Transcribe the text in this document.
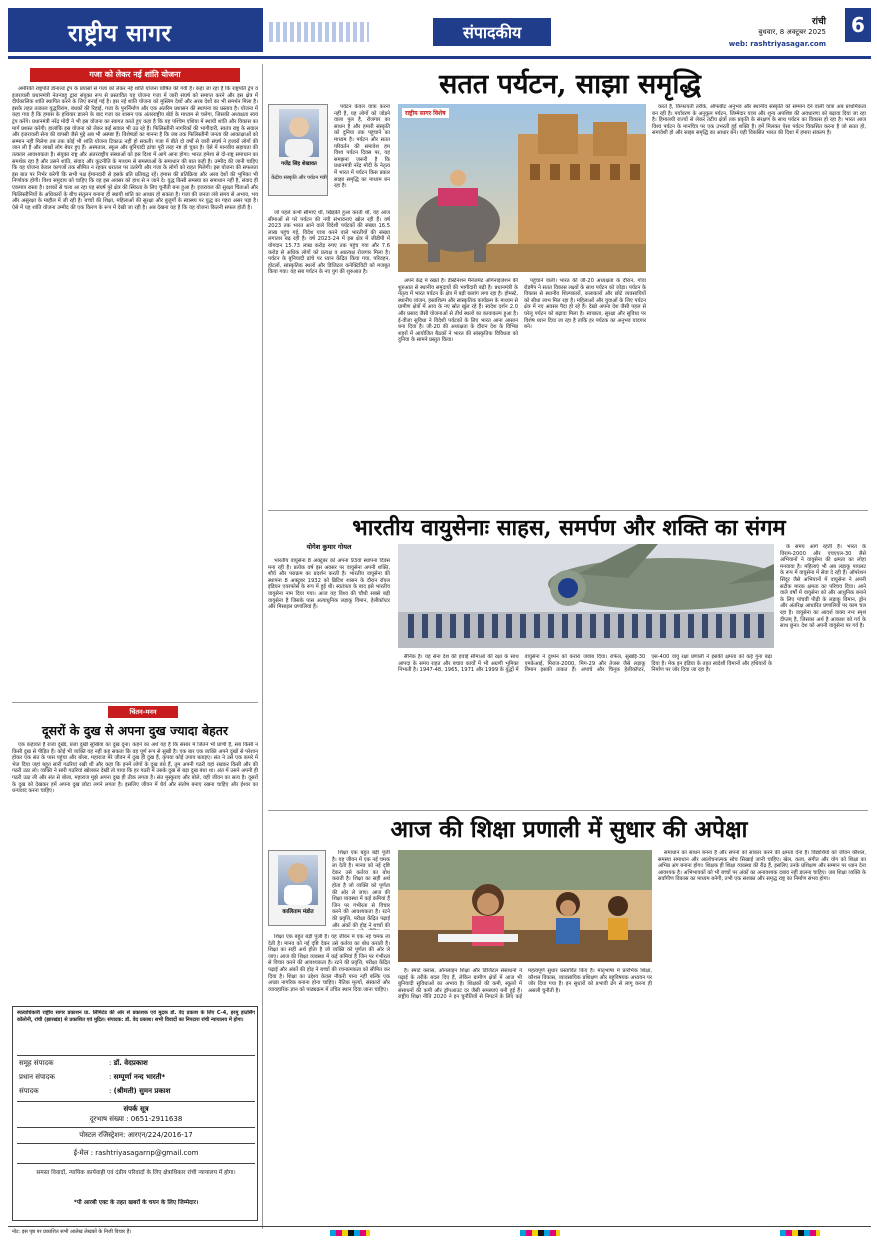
राष्ट्रीय सागर	संपादकीय
रांची
बुधवार, 8 अक्टूबर 2025
web: rashtriyasagar.com
6
गजा को लेकर नई शांति योजना

अमेरिकी राष्ट्रपति डोनाल्ड ट्रंप के प्रयासों से गजा को लेकर नई शांति योजना घोषित की गयी है। कहा जा रहा है कि राष्ट्रपति ट्रंप व इजरायली प्रधानमंत्री नेतन्याहू द्वारा संयुक्त रूप से प्रस्तावित यह योजना गजा में जारी संघर्ष को समाप्त करने और इस क्षेत्र में दीर्घकालिक शांति स्थापित करने के लिए बनाई गई है। इस नई शांति योजना को मुस्लिम देशों और अरब देशों का भी समर्थन मिला है। इसके तहत तत्काल युद्धविराम, बंधकों की रिहाई, गजा के पुनर्निर्माण और एक अंतरिम प्रशासन की स्थापना का प्रस्ताव है। योजना में कहा गया है कि हमास के हथियार डालने के बाद गजा का शासन एक अंतरराष्ट्रीय बोर्ड के माध्यम से चलेगा, जिसकी अध्यक्षता स्वयं ट्रंप करेंगे। प्रधानमंत्री नरेंद्र मोदी ने भी इस योजना का स्वागत करते हुए कहा है कि यह पश्चिम एशिया में स्थायी शांति और विकास का मार्ग प्रशस्त करेगी। हालांकि इस योजना को लेकर कई सवाल भी उठ रहे हैं। फिलिस्तीनी नागरिकों की भागीदारी, स्वतंत्र राष्ट्र के सवाल और इजरायली सेना की वापसी जैसे मुद्दे अब भी अस्पष्ट हैं। विशेषज्ञों का मानना है कि जब तक फिलिस्तीनी जनता की आकांक्षाओं को सम्मान नहीं मिलेगा तब तक कोई भी शांति योजना टिकाऊ नहीं हो सकती। गजा में बीते दो वर्षों से जारी संघर्ष ने हजारों लोगों की जान ली है और लाखों लोग बेघर हुए हैं। अस्पताल, स्कूल और बुनियादी ढांचा पूरी तरह नष्ट हो चुका है। ऐसे में मानवीय सहायता की तत्काल आवश्यकता है। संयुक्त राष्ट्र और अंतरराष्ट्रीय संस्थाओं को इस दिशा में आगे आना होगा। भारत हमेशा से दो-राष्ट्र समाधान का समर्थक रहा है और उसने शांति, संवाद और कूटनीति के माध्यम से समस्याओं के समाधान की बात कही है। उम्मीद की जानी चाहिए कि यह योजना केवल कागजों तक सीमित न रहकर धरातल पर उतरेगी और गजा के लोगों को राहत मिलेगी। इस योजना की सफलता इस बात पर निर्भर करेगी कि सभी पक्ष ईमानदारी से इसके प्रति प्रतिबद्ध रहें। हमास की प्रतिक्रिया और अरब देशों की भूमिका भी निर्णायक होगी। विश्व समुदाय को चाहिए कि वह इस अवसर को हाथ से न जाने दे। युद्ध किसी समस्या का समाधान नहीं है, संवाद ही एकमात्र रास्ता है। दशकों से चला आ रहा यह संघर्ष पूरे क्षेत्र की स्थिरता के लिए चुनौती बना हुआ है। इजरायल की सुरक्षा चिंताओं और फिलिस्तीनियों के अधिकारों के बीच संतुलन बनाना ही स्थायी शांति का आधार हो सकता है। गजा की जनता लंबे समय से अभाव, भय और असुरक्षा के माहौल में जी रही है। बच्चों की शिक्षा, महिलाओं की सुरक्षा और बुजुर्गों के स्वास्थ्य पर युद्ध का गहरा असर पड़ा है। ऐसे में यह शांति योजना उम्मीद की एक किरण के रूप में देखी जा रही है। अब देखना यह है कि यह योजना कितनी सफल होती है।

चिंतन-मनन
दूसरों के दुख से अपना दुख ज्यादा बेहतर

एक कहावत है राजा दुखी, प्रजा दुखी सुखिया का दुख दूना। कहने का अर्थ यह है कि संसार में जितने भी प्राणी हैं, सब किसी न किसी दुख से पीड़ित हैं। कोई भी व्यक्ति यह नहीं कह सकता कि वह पूर्ण रूप से सुखी है। एक बार एक व्यक्ति अपने दुखों से परेशान होकर एक संत के पास पहुंचा और बोला, महाराज मेरे जीवन में दुख ही दुख हैं, कृपया कोई उपाय बताइए। संत ने उसे एक कमरे में भेज दिया जहां बहुत सारी गठरियां रखी थीं और कहा कि इनमें लोगों के दुख बंधे हैं, तुम अपनी गठरी यहां रखकर किसी और की गठरी उठा लो। व्यक्ति ने सारी गठरियां खोलकर देखीं तो पाया कि हर गठरी में उसके दुख से बड़ा दुख बंधा था। अंत में उसने अपनी ही गठरी उठा ली और संत से बोला, महाराज मुझे अपना दुख ही ठीक लगता है। संत मुस्कुराए और बोले, यही जीवन का सत्य है। दूसरों के दुख को देखकर हमें अपना दुख छोटा लगने लगता है। इसलिए जीवन में धैर्य और संतोष बनाए रखना चाहिए और ईश्वर का धन्यवाद करना चाहिए।

स्वत्वाधिकारी राष्ट्रीय सागर प्रकाशन प्रा. लिमिटेड की ओर से प्रकाशक एवं मुद्रक डॉ. वेद प्रकाश के लिए C-4, हरमू हाउसिंग कॉलोनी, रांची (झारखंड) से प्रकाशित एवं मुद्रित। संपादक: डॉ. वेद प्रकाश। सभी विवादों का निपटारा रांची न्यायालय में होगा।
समूह संपादक	: डॉ. वेदप्रकाश
प्रधान संपादक	: सम्पूर्णा नन्द भारती*
संपादक	: (श्रीमती) सुमन प्रकाश
संपर्क सूत्र
दूरभाष संख्या : 0651-2911638
पोस्टल रजिस्ट्रेशन: आरएन/224/2016-17
ई-मेल : rashtriyasagarnp@gmail.com
समस्त विवादों, न्यायिक कार्यवाही एवं दंडीय परिवादों के लिए क्षेत्राधिकार रांची न्यायालय में होगा।
*पी आरबी एक्ट के तहत खबरों के चयन के लिए जिम्मेदार।
सतत पर्यटन, साझा समृद्धि
गजेंद्र सिंह शेखावत
केंद्रीय संस्कृति और पर्यटन मंत्री

पर्यटन केवल यात्रा करना नहीं है, यह लोगों को जोड़ने वाला पुल है, रोजगार का साधन है और हमारी संस्कृति को दुनिया तक पहुंचाने का माध्यम है। पर्यटन और सतत परिवर्तन की समावेश हम विश्व पर्यटन दिवस पर, यह समझना जरूरी है कि प्रधानमंत्री नरेंद्र मोदी के नेतृत्व में भारत में पर्यटन किस प्रकार साझा समृद्धि का माध्यम बन रहा है।

जो पहले कभी सीमाएं थीं, खिड़की हुआ करती थीं, वह आज सीमाओं से परे पर्यटन की नयी संभावनाएं खोल रही हैं। वर्ष 2023 तक भारत आने वाले विदेशी पर्यटकों की संख्या 16.5 लाख पहुंच गई, विदेश यात्रा करने वाले भारतीयों की संख्या लगातार बढ़ रही है। वर्ष 2023-24 में इस क्षेत्र में जीडीपी में योगदान 15.73 लाख करोड़ रुपए तक पहुंच गया और 7.6 करोड़ से अधिक लोगों को प्रत्यक्ष व अप्रत्यक्ष रोजगार मिला है। पर्यटन के बुनियादी ढांचे पर ध्यान केंद्रित किया गया, परिवहन, होटलों, सांस्कृतिक स्थलों और डिजिटल कनेक्टिविटी को मजबूत किया गया। यह सब पर्यटन के नए युग की शुरुआत है।

राष्ट्रीय सागर विशेष

अपने केंद्र में रखते हैं। डेस्टिनेशन मैनेजमेंट ऑर्गनाइजेशन की शुरुआत से स्थानीय समुदायों की भागीदारी बढ़ी है। प्रधानमंत्री के नेतृत्व में भारत पर्यटन के क्षेत्र में बड़ी छलांग लगा रहा है। होमस्टे, स्थानीय व्यंजन, हस्तशिल्प और सांस्कृतिक कार्यक्रम के माध्यम से ग्रामीण क्षेत्रों में आय के नए स्रोत खुल रहे हैं। स्वदेश दर्शन 2.0 और प्रसाद जैसी योजनाओं से तीर्थ स्थलों का कायाकल्प हुआ है। ई-वीजा सुविधा ने विदेशी पर्यटकों के लिए भारत आना आसान बना दिया है। जी-20 की अध्यक्षता के दौरान देश के विभिन्न शहरों में आयोजित बैठकों ने भारत की सांस्कृतिक विविधता को दुनिया के सामने प्रस्तुत किया।

पहुंचाने वाली। भारत की जी-20 अध्यक्षता के दौरान, गोवा रोडमैप ने सतत विकास लक्ष्यों के साथ पर्यटन को जोड़ा। पर्यटन के विकास से स्थानीय शिल्पकारों, कलाकारों और छोटे व्यवसायियों को सीधा लाभ मिल रहा है। महिलाओं और युवाओं के लिए पर्यटन क्षेत्र में नए अवसर पैदा हो रहे हैं। देखो अपना देश जैसी पहल से घरेलू पर्यटन को बढ़ावा मिला है। स्वच्छता, सुरक्षा और सुविधा पर विशेष ध्यान दिया जा रहा है ताकि हर पर्यटक का अनुभव यादगार बने।

करते हैं, किफायती तरीके, ऑफबीट अनुभव और स्थानीय संस्कृति को सम्मान देने वाली यात्रा अब प्राथमिकता बन रही है। पर्यावरण के अनुकूल पर्यटन, जिम्मेदार यात्रा और शून्य अपशिष्ट की अवधारणा को बढ़ावा दिया जा रहा है। हिमालयी राज्यों से लेकर तटीय क्षेत्रों तक प्रकृति के संरक्षण के साथ पर्यटन का विकास हो रहा है। भारत आज विश्व पर्यटन के मानचित्र पर एक उभरती हुई शक्ति है। हमें मिलकर ऐसा पर्यटन विकसित करना है जो सतत हो, समावेशी हो और साझा समृद्धि का आधार बने। यही विकसित भारत की दिशा में हमारा संकल्प है।

भारतीय वायुसेनाः साहस, समर्पण और शक्ति का संगम
योगेश कुमार गोयल

भारतीय वायुसेना 8 अक्टूबर को अपना 93वां स्थापना दिवस मना रही है। प्रत्येक वर्ष इस अवसर पर वायुसेना अपनी शक्ति, शौर्य और पराक्रम का प्रदर्शन करती है। भारतीय वायुसेना की स्थापना 8 अक्टूबर 1932 को ब्रिटिश शासन के दौरान रॉयल इंडियन एयरफोर्स के रूप में हुई थी। स्वतंत्रता के बाद इसे भारतीय वायुसेना नाम दिया गया। आज यह विश्व की चौथी सबसे बड़ी वायुसेना है जिसके पास अत्याधुनिक लड़ाकू विमान, हेलीकॉप्टर और मिसाइल प्रणालियां हैं।

सैनिक हैं। यह सेना देश की हवाई सीमाओं की रक्षा के साथ आपदा के समय राहत और बचाव कार्यों में भी अग्रणी भूमिका निभाती है। 1947-48, 1965, 1971 और 1999 के युद्धों में वायुसेना ने दुश्मन को करारा जवाब दिया। राफेल, सुखोई-30 एमकेआई, मिराज-2000, मिग-29 और तेजस जैसे लड़ाकू विमान इसकी ताकत हैं। अपाचे और चिनूक हेलीकॉप्टर, एस-400 वायु रक्षा प्रणाली ने इसकी क्षमता को कई गुना बढ़ा दिया है। मेक इन इंडिया के तहत स्वदेशी विमानों और हथियारों के निर्माण पर जोर दिया जा रहा है।

के समय आगे रहती है। भारत के विराम-2000 और एचएएल-30 जैसे अभियानों ने वायुसेना की क्षमता का लोहा मनवाया है। महिलाएं भी अब लड़ाकू पायलट के रूप में वायुसेना में सेवा दे रही हैं। ऑपरेशन सिंदूर जैसे अभियानों में वायुसेना ने अपनी सटीक मारक क्षमता का परिचय दिया। आने वाले वर्षों में वायुसेना को और आधुनिक बनाने के लिए पांचवीं पीढ़ी के लड़ाकू विमान, ड्रोन और अंतरिक्ष आधारित प्रणालियों पर काम चल रहा है। वायुसेना का आदर्श वाक्य नभः स्पृशं दीप्तम् है, जिसका अर्थ है आकाश को गर्व के साथ छूना। देश को अपनी वायुसेना पर गर्व है।

आज की शिक्षा प्रणाली में सुधार की अपेक्षा
कालिताम मंडोत

शिक्षा एक बहुत बड़ी पूंजी है। यह जीवन में एक नई चमक ला देती है। मानव को नई दृष्टि देकर उसे कर्तव्य का बोध कराती है। शिक्षा का सही अर्थ होता है जो व्यक्ति को पूर्णता की ओर ले जाए। आज की शिक्षा व्यवस्था में कई कमियां हैं जिन पर गंभीरता से विचार करने की आवश्यकता है। रटने की प्रवृत्ति, परीक्षा केंद्रित पढ़ाई और अंकों की होड़ ने बच्चों की

शिक्षा एक बहुत बड़ी पूंजी है। यह जीवन में एक नई चमक ला देती है। मानव को नई दृष्टि देकर उसे कर्तव्य का बोध कराती है। शिक्षा का सही अर्थ होता है जो व्यक्ति को पूर्णता की ओर ले जाए। आज की शिक्षा व्यवस्था में कई कमियां हैं जिन पर गंभीरता से विचार करने की आवश्यकता है। रटने की प्रवृत्ति, परीक्षा केंद्रित पढ़ाई और अंकों की होड़ ने बच्चों की रचनात्मकता को सीमित कर दिया है। शिक्षा का उद्देश्य केवल नौकरी पाना नहीं बल्कि एक अच्छा नागरिक बनाना होना चाहिए। नैतिक मूल्यों, संस्कारों और व्यावहारिक ज्ञान को पाठ्यक्रम में उचित स्थान दिया जाना चाहिए।

है। स्मार्ट क्लास, ऑनलाइन शिक्षा और डिजिटल संसाधनों ने पढ़ाई के तरीके बदल दिए हैं, लेकिन ग्रामीण क्षेत्रों में आज भी बुनियादी सुविधाओं का अभाव है। शिक्षकों की कमी, स्कूलों में संसाधनों की कमी और ड्रॉपआउट दर जैसी समस्याएं बनी हुई हैं। राष्ट्रीय शिक्षा नीति 2020 ने इन चुनौतियों से निपटने के लिए कई महत्वपूर्ण सुधार प्रस्तावित किए हैं। मातृभाषा में प्रारंभिक शिक्षा, कौशल विकास, व्यावसायिक प्रशिक्षण और बहुविषयक अध्ययन पर जोर दिया गया है। इन सुधारों को प्रभावी ढंग से लागू करना ही असली चुनौती है।

समाधान का साधन बनना है और सपनों को साकार करने की क्षमता देना है। विद्यार्थियों को जीवन कौशल, समस्या समाधान और आलोचनात्मक सोच सिखाई जानी चाहिए। खेल, कला, संगीत और योग को शिक्षा का अभिन्न अंग बनाना होगा। शिक्षक ही शिक्षा व्यवस्था की रीढ़ हैं, इसलिए उनके प्रशिक्षण और सम्मान पर ध्यान देना आवश्यक है। अभिभावकों को भी बच्चों पर अंकों का अनावश्यक दबाव नहीं डालना चाहिए। जब शिक्षा व्यक्ति के सर्वांगीण विकास का माध्यम बनेगी, तभी एक सशक्त और समृद्ध राष्ट्र का निर्माण संभव होगा।

नोट: इस पृष्ठ पर प्रकाशित सभी आलेख लेखकों के निजी विचार हैं।
